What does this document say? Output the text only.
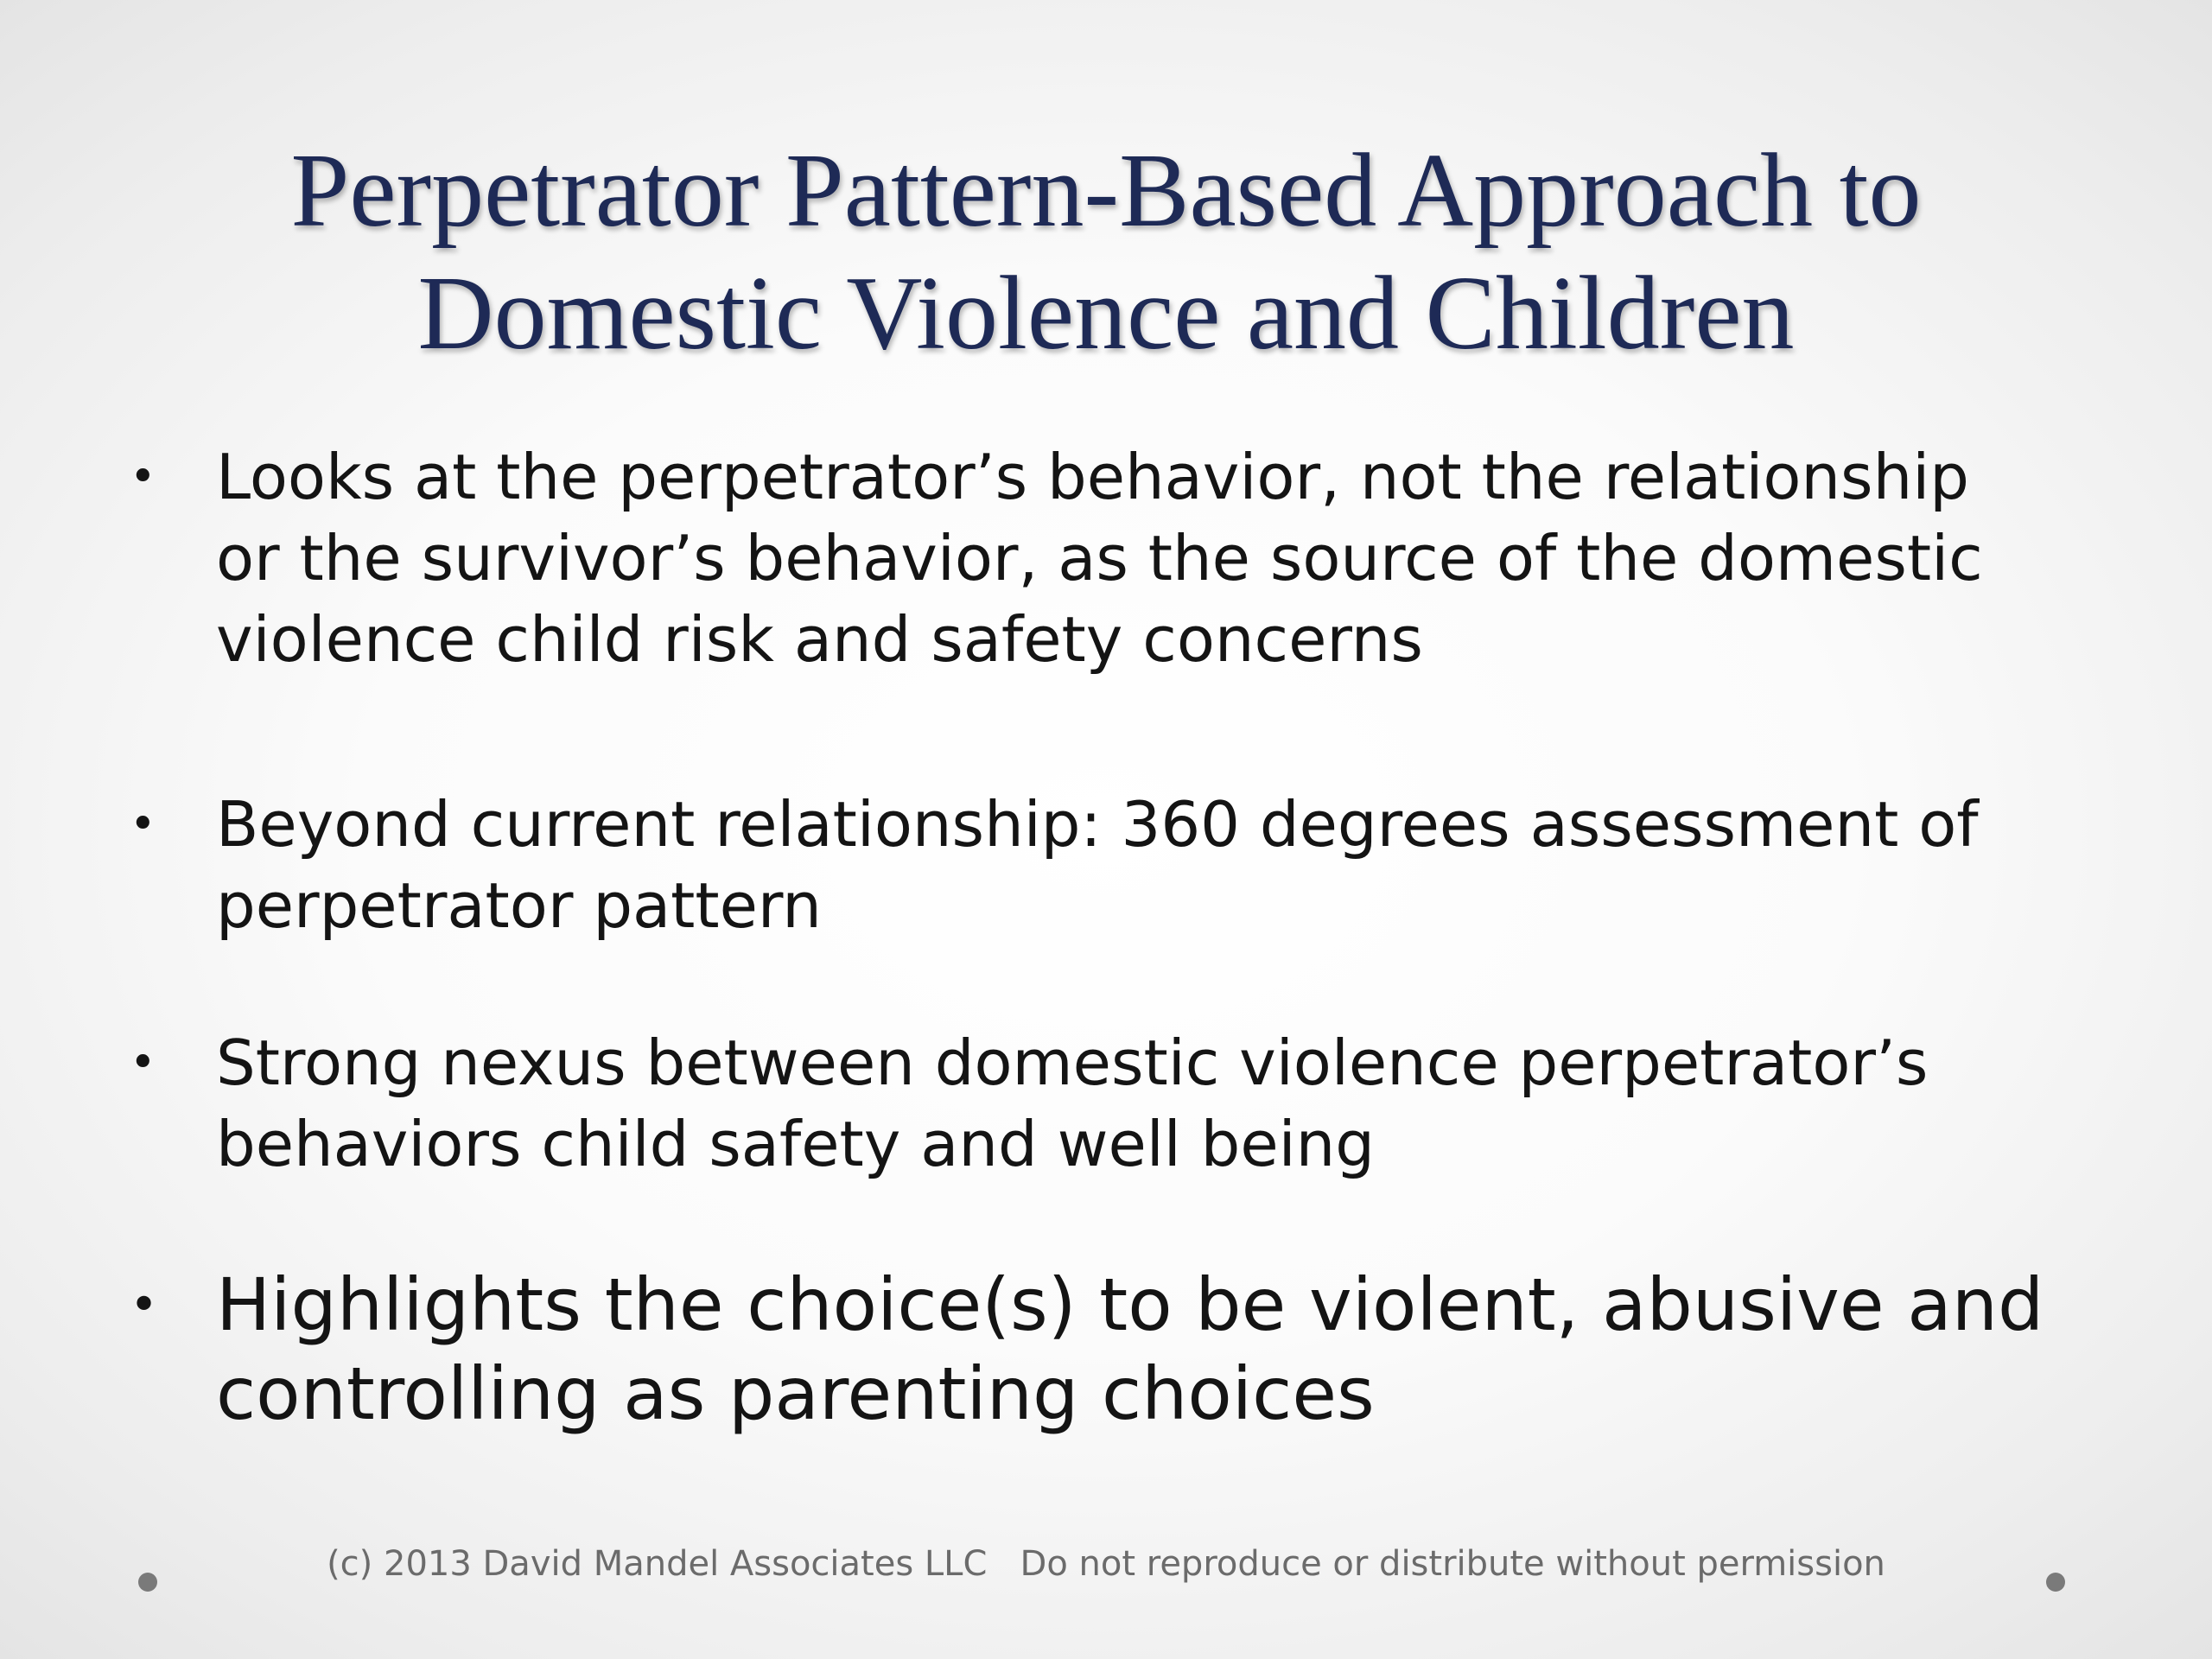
Perpetrator Pattern-Based Approach to
Domestic Violence and Children
• Looks at the perpetrator’s behavior, not the relationship
or the survivor’s behavior, as the source of the domestic
violence child risk and safety concerns
• Beyond current relationship: 360 degrees assessment of
perpetrator pattern
• Strong nexus between domestic violence perpetrator’s
behaviors child safety and well being
• Highlights the choice(s) to be violent, abusive and
controlling as parenting choices
(c) 2013 David Mandel Associates LLC   Do not reproduce or distribute without permission
